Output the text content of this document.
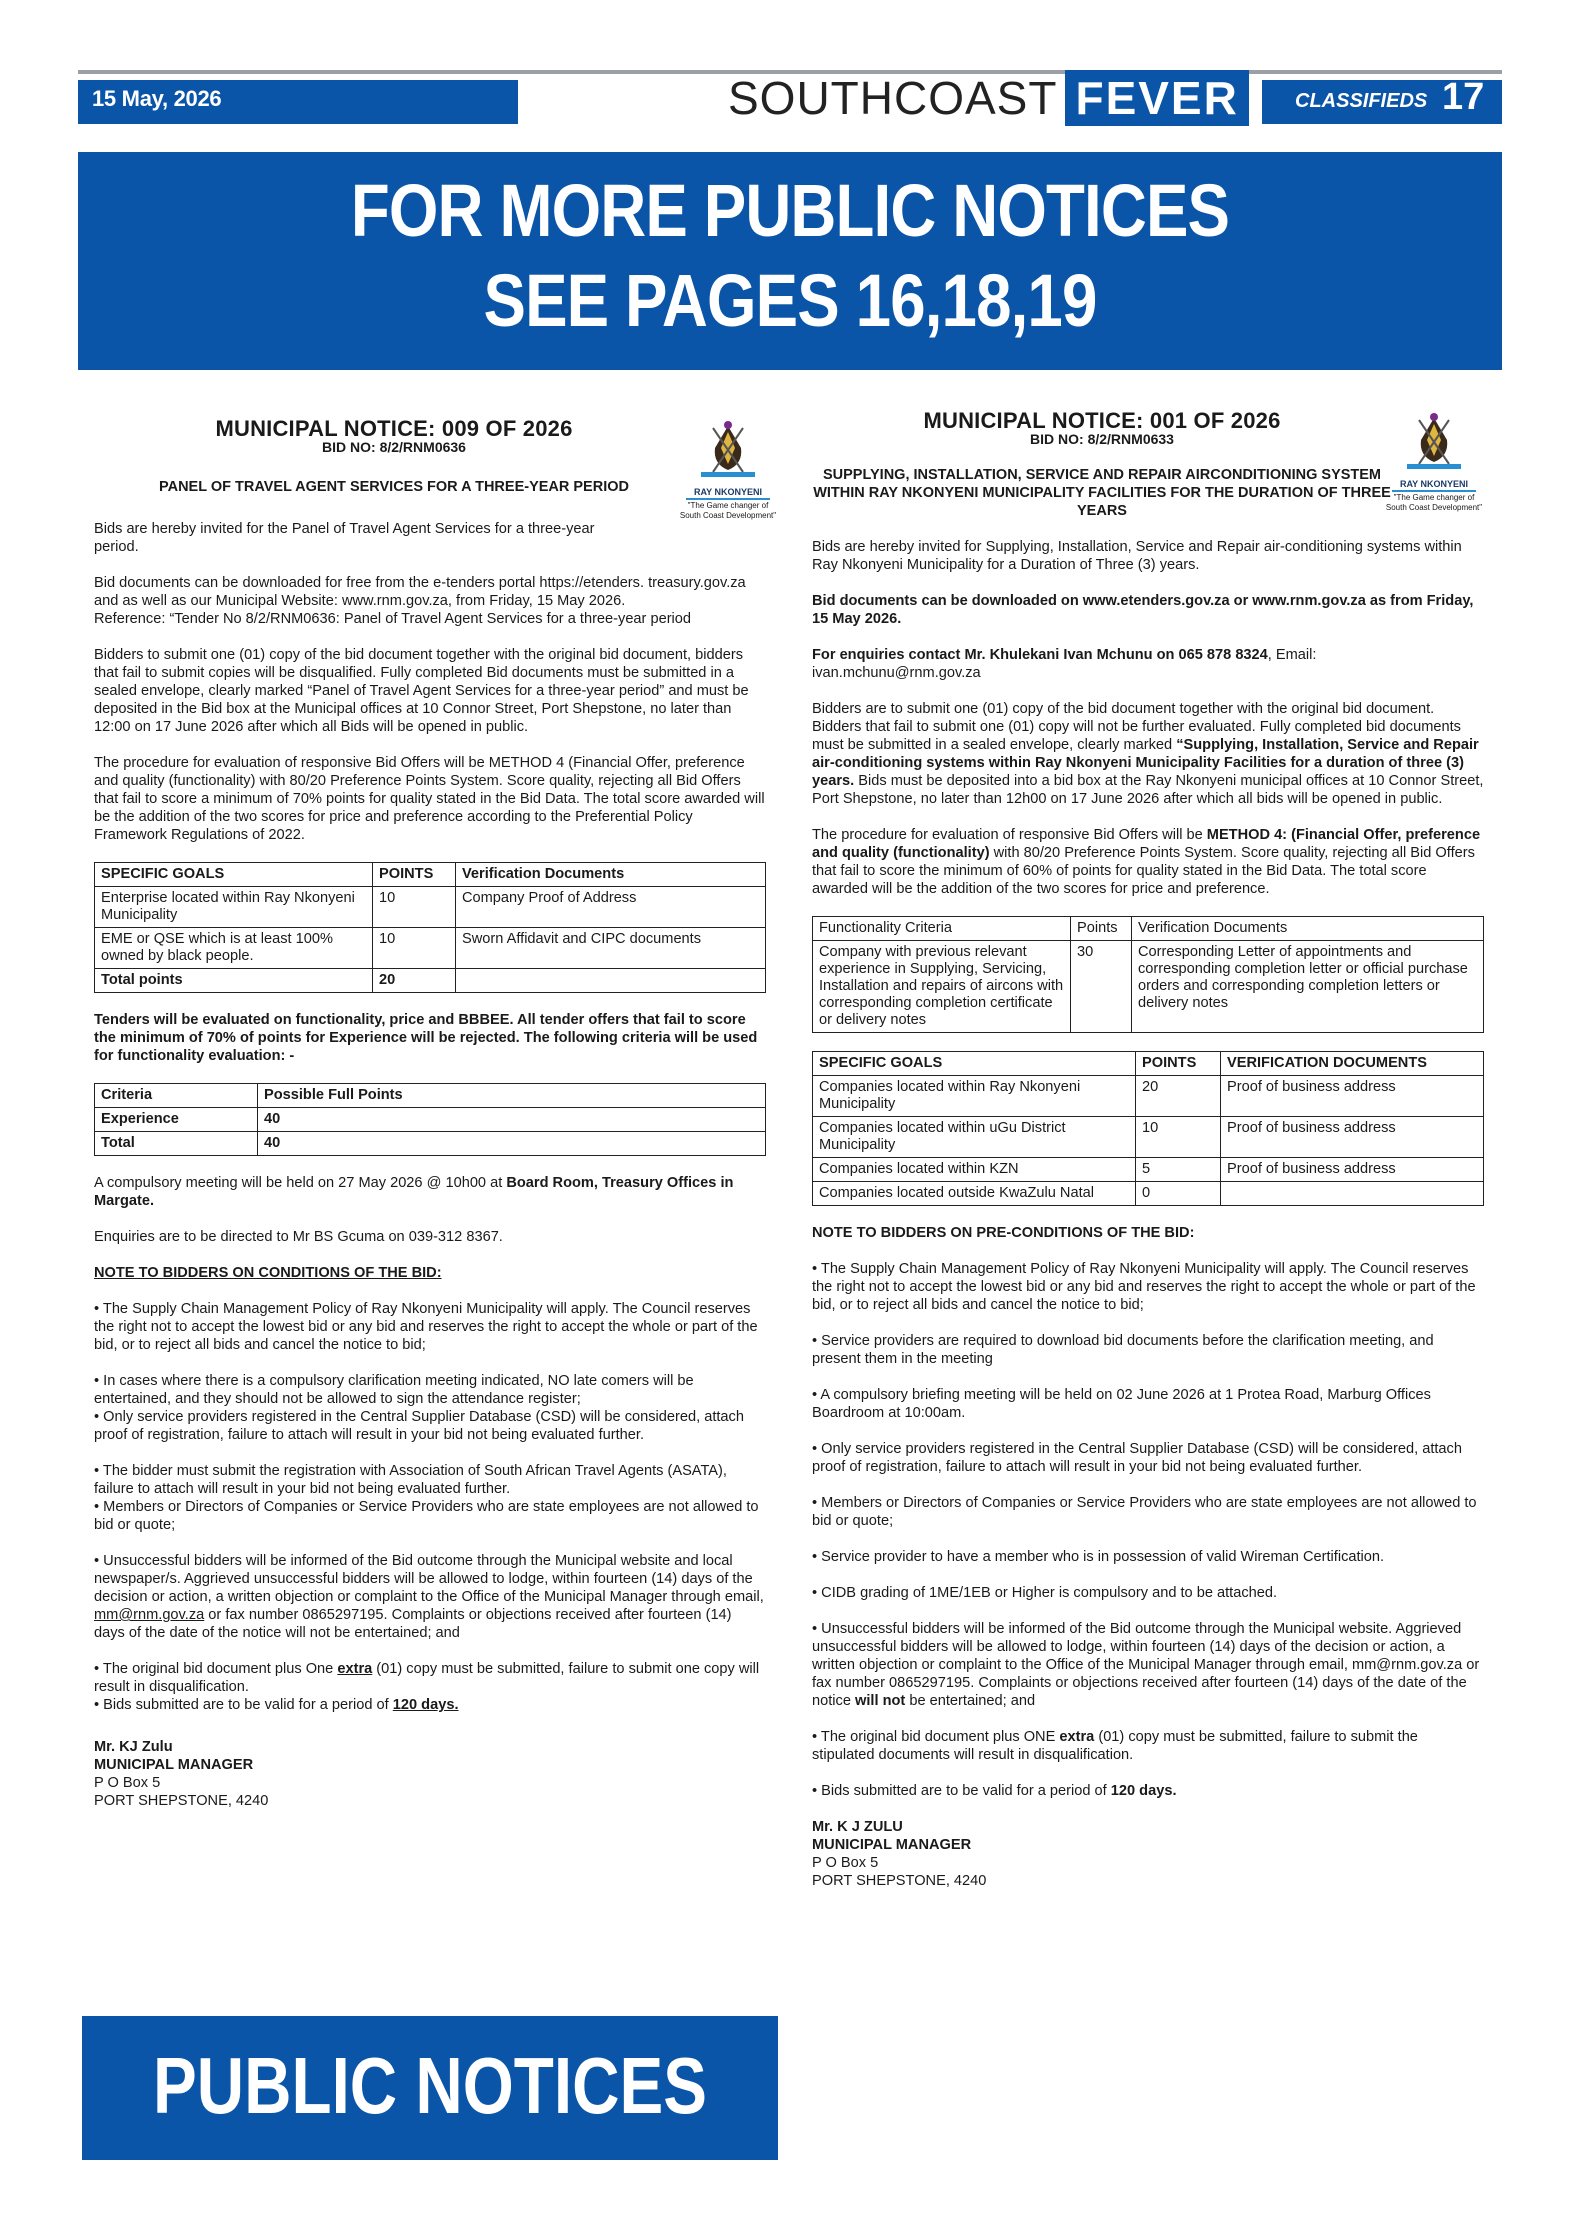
15 May, 2026	SOUTHCOAST FEVER	CLASSIFIEDS 17
FOR MORE PUBLIC NOTICES
SEE PAGES 16,18,19
MUNICIPAL NOTICE: 009 OF 2026
BID NO: 8/2/RNM0636
PANEL OF TRAVEL AGENT SERVICES FOR A THREE-YEAR PERIOD	RAY NKONYENI
"The Game changer of South Coast Development"

Bids are hereby invited for the Panel of Travel Agent Services for a three-year period.

Bid documents can be downloaded for free from the e-tenders portal https://etenders. treasury.gov.za and as well as our Municipal Website: www.rnm.gov.za, from Friday, 15 May 2026.

Reference: “Tender No 8/2/RNM0636: Panel of Travel Agent Services for a three-year period

Bidders to submit one (01) copy of the bid document together with the original bid document, bidders that fail to submit copies will be disqualified. Fully completed Bid documents must be submitted in a sealed envelope, clearly marked “Panel of Travel Agent Services for a three-year period” and must be deposited in the Bid box at the Municipal offices at 10 Connor Street, Port Shepstone, no later than 12:00 on 17 June 2026 after which all Bids will be opened in public.

The procedure for evaluation of responsive Bid Offers will be METHOD 4 (Financial Offer, preference and quality (functionality) with 80/20 Preference Points System. Score quality, rejecting all Bid Offers that fail to score a minimum of 70% points for quality stated in the Bid Data. The total score awarded will be the addition of the two scores for price and preference according to the Preferential Policy Framework Regulations of 2022.

SPECIFIC GOALS	POINTS	Verification Documents
Enterprise located within Ray Nkonyeni Municipality	10	Company Proof of Address
EME or QSE which is at least 100% owned by black people.	10	Sworn Affidavit and CIPC documents
Total points	20	

Tenders will be evaluated on functionality, price and BBBEE. All tender offers that fail to score the minimum of 70% of points for Experience will be rejected. The following criteria will be used for functionality evaluation: -

Criteria	Possible Full Points
Experience	40
Total	40

A compulsory meeting will be held on 27 May 2026 @ 10h00 at Board Room, Treasury Offices in Margate.

Enquiries are to be directed to Mr BS Gcuma on 039-312 8367.

NOTE TO BIDDERS ON CONDITIONS OF THE BID:

• The Supply Chain Management Policy of Ray Nkonyeni Municipality will apply. The Council reserves the right not to accept the lowest bid or any bid and reserves the right to accept the whole or part of the bid, or to reject all bids and cancel the notice to bid;

• In cases where there is a compulsory clarification meeting indicated, NO late comers will be entertained, and they should not be allowed to sign the attendance register;

• Only service providers registered in the Central Supplier Database (CSD) will be considered, attach proof of registration, failure to attach will result in your bid not being evaluated further.

• The bidder must submit the registration with Association of South African Travel Agents (ASATA), failure to attach will result in your bid not being evaluated further.

• Members or Directors of Companies or Service Providers who are state employees are not allowed to bid or quote;

• Unsuccessful bidders will be informed of the Bid outcome through the Municipal website and local newspaper/s. Aggrieved unsuccessful bidders will be allowed to lodge, within fourteen (14) days of the decision or action, a written objection or complaint to the Office of the Municipal Manager through email, mm@rnm.gov.za or fax number 0865297195. Complaints or objections received after fourteen (14) days of the date of the notice will not be entertained; and

• The original bid document plus One extra (01) copy must be submitted, failure to submit one copy will result in disqualification.

• Bids submitted are to be valid for a period of 120 days.

Mr. KJ Zulu
MUNICIPAL MANAGER
P O Box 5
PORT SHEPSTONE, 4240
PUBLIC NOTICES
MUNICIPAL NOTICE: 001 OF 2026
BID NO: 8/2/RNM0633
SUPPLYING, INSTALLATION, SERVICE AND REPAIR AIRCONDITIONING SYSTEM WITHIN RAY NKONYENI MUNICIPALITY FACILITIES FOR THE DURATION OF THREE YEARS
RAY NKONYENI
"The Game changer of South Coast Development"

Bids are hereby invited for Supplying, Installation, Service and Repair air-conditioning systems within Ray Nkonyeni Municipality for a Duration of Three (3) years.

Bid documents can be downloaded on www.etenders.gov.za or www.rnm.gov.za as from Friday, 15 May 2026.

For enquiries contact Mr. Khulekani Ivan Mchunu on 065 878 8324, Email: ivan.mchunu@rnm.gov.za

Bidders are to submit one (01) copy of the bid document together with the original bid document. Bidders that fail to submit one (01) copy will not be further evaluated. Fully completed bid documents must be submitted in a sealed envelope, clearly marked “Supplying, Installation, Service and Repair air-conditioning systems within Ray Nkonyeni Municipality Facilities for a duration of three (3) years. Bids must be deposited into a bid box at the Ray Nkonyeni municipal offices at 10 Connor Street, Port Shepstone, no later than 12h00 on 17 June 2026 after which all bids will be opened in public.

The procedure for evaluation of responsive Bid Offers will be METHOD 4: (Financial Offer, preference and quality (functionality) with 80/20 Preference Points System. Score quality, rejecting all Bid Offers that fail to score the minimum of 60% of points for quality stated in the Bid Data. The total score awarded will be the addition of the two scores for price and preference.

Functionality Criteria	Points	Verification Documents
Company with previous relevant experience in Supplying, Servicing, Installation and repairs of aircons with corresponding completion certificate or delivery notes	30	Corresponding Letter of appointments and corresponding completion letter or official purchase orders and corresponding completion letters or delivery notes
SPECIFIC GOALS	POINTS	VERIFICATION DOCUMENTS
Companies located within Ray Nkonyeni Municipality	20	Proof of business address
Companies located within uGu District Municipality	10	Proof of business address
Companies located within KZN	5	Proof of business address
Companies located outside KwaZulu Natal	0	

NOTE TO BIDDERS ON PRE-CONDITIONS OF THE BID:

• The Supply Chain Management Policy of Ray Nkonyeni Municipality will apply. The Council reserves the right not to accept the lowest bid or any bid and reserves the right to accept the whole or part of the bid, or to reject all bids and cancel the notice to bid;

• Service providers are required to download bid documents before the clarification meeting, and present them in the meeting

• A compulsory briefing meeting will be held on 02 June 2026 at 1 Protea Road, Marburg Offices Boardroom at 10:00am.

• Only service providers registered in the Central Supplier Database (CSD) will be considered, attach proof of registration, failure to attach will result in your bid not being evaluated further.

• Members or Directors of Companies or Service Providers who are state employees are not allowed to bid or quote;

• Service provider to have a member who is in possession of valid Wireman Certification.

• CIDB grading of 1ME/1EB or Higher is compulsory and to be attached.

• Unsuccessful bidders will be informed of the Bid outcome through the Municipal website. Aggrieved unsuccessful bidders will be allowed to lodge, within fourteen (14) days of the decision or action, a written objection or complaint to the Office of the Municipal Manager through email, mm@rnm.gov.za or fax number 0865297195. Complaints or objections received after fourteen (14) days of the date of the notice will not be entertained; and

• The original bid document plus ONE extra (01) copy must be submitted, failure to submit the stipulated documents will result in disqualification.

• Bids submitted are to be valid for a period of 120 days.

Mr. K J ZULU
MUNICIPAL MANAGER
P O Box 5
PORT SHEPSTONE, 4240
